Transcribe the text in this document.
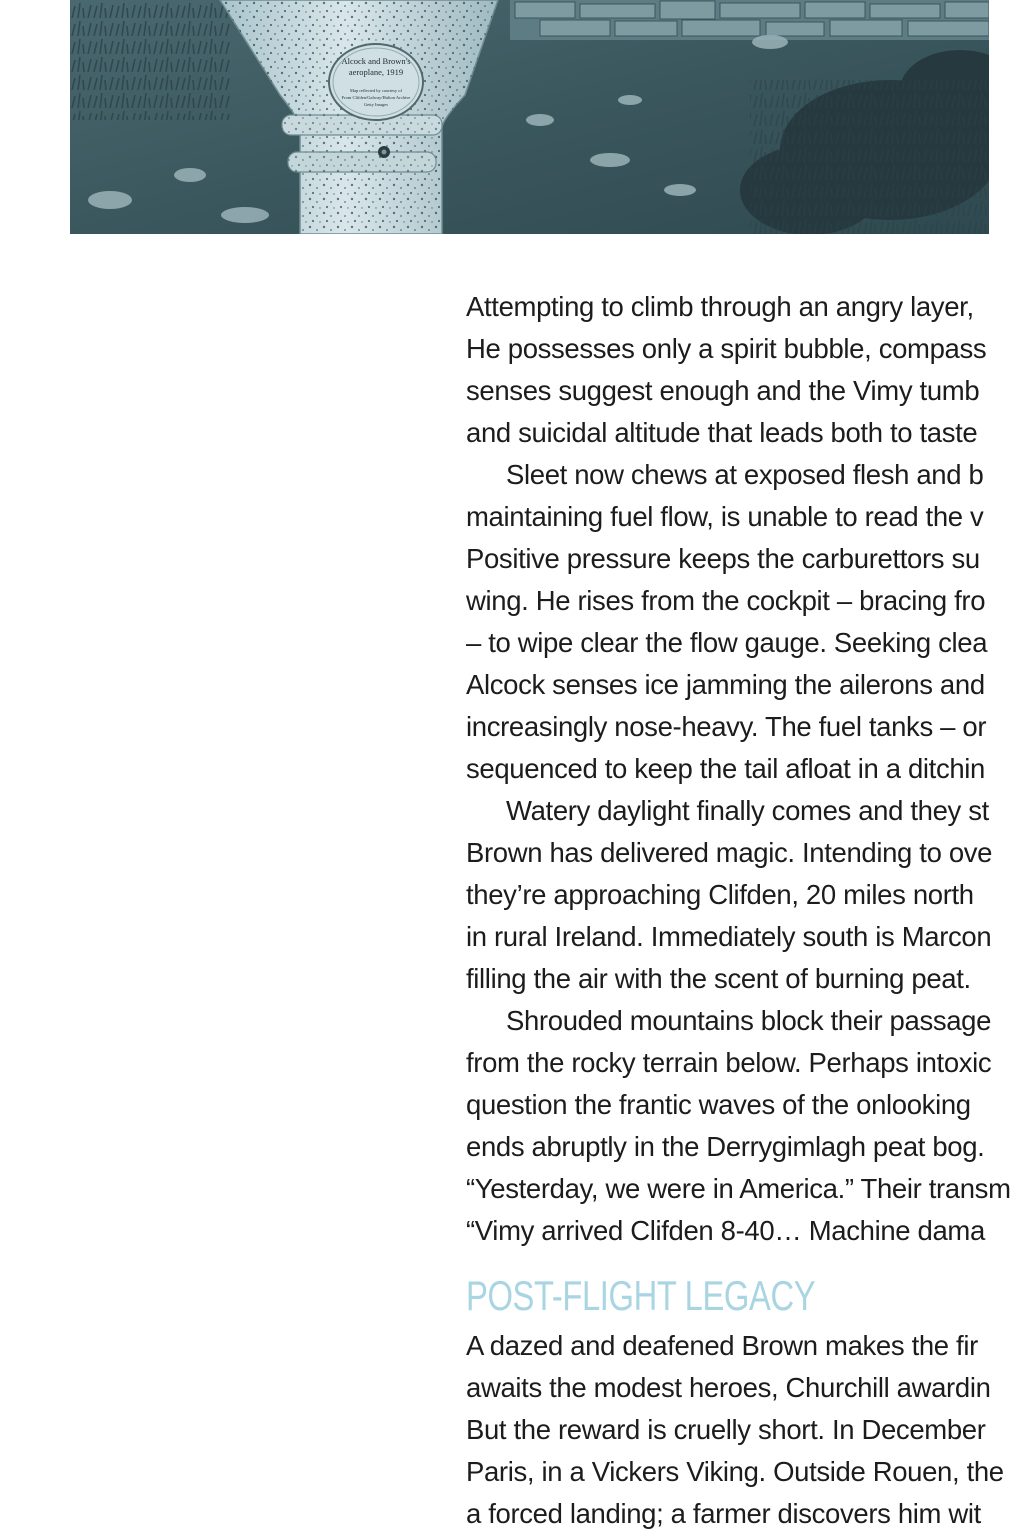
Alcock and Brown's
aeroplane, 1919
Map reflected by courtesy of
From Clifden/Galway/Hulton Archive
Getty Images
Attempting to climb through an angry layer,
He possesses only a spirit bubble, compass
senses suggest enough and the Vimy tumb
and suicidal altitude that leads both to taste
Sleet now chews at exposed flesh and b
maintaining fuel flow, is unable to read the v
Positive pressure keeps the carburettors su
wing. He rises from the cockpit – bracing fro
– to wipe clear the flow gauge. Seeking clea
Alcock senses ice jamming the ailerons and
increasingly nose-heavy. The fuel tanks – or
sequenced to keep the tail afloat in a ditchin
Watery daylight finally comes and they st
Brown has delivered magic. Intending to ove
they’re approaching Clifden, 20 miles north
in rural Ireland. Immediately south is Marcon
filling the air with the scent of burning peat.
Shrouded mountains block their passage
from the rocky terrain below. Perhaps intoxic
question the frantic waves of the onlooking
ends abruptly in the Derrygimlagh peat bog.
“Yesterday, we were in America.” Their transm
“Vimy arrived Clifden 8-40… Machine dama
POST-FLIGHT LEGACY
A dazed and deafened Brown makes the fir
awaits the modest heroes, Churchill awardin
But the reward is cruelly short. In December
Paris, in a Vickers Viking. Outside Rouen, the
a forced landing; a farmer discovers him wit
